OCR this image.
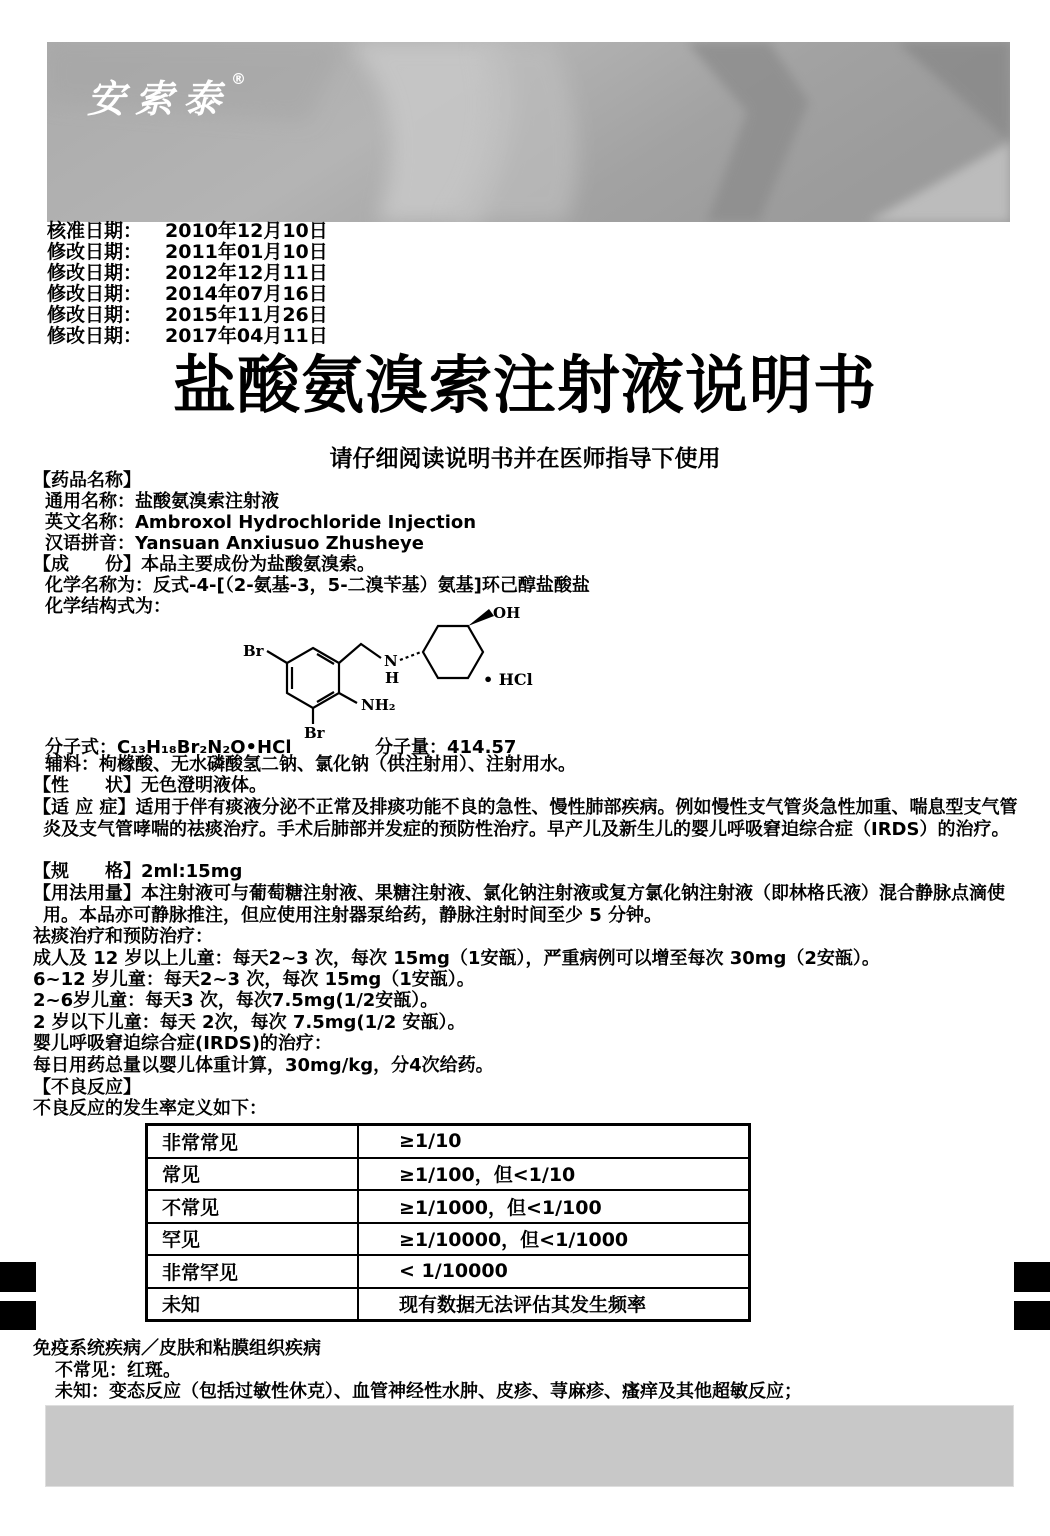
安索泰®
核准日期： 2010年12月10日
修改日期： 2011年01月10日
修改日期： 2012年12月11日
修改日期： 2014年07月16日
修改日期： 2015年11月26日
修改日期： 2017年04月11日
盐酸氨溴索注射液说明书
请仔细阅读说明书并在医师指导下使用
【药品名称】
通用名称：盐酸氨溴索注射液
英文名称：Ambroxol Hydrochloride Injection
汉语拼音：Yansuan Anxiusuo Zhusheye
【成　　份】本品主要成份为盐酸氨溴索。
化学名称为：反式-4-[（2-氨基-3，5-二溴苄基）氨基]环己醇盐酸盐
化学结构式为：
Br
Br
NH₂
N
H
OH
• HCl
分子式：C₁₃H₁₈Br₂N₂O•HCl	分子量：414.57
辅料：枸橼酸、无水磷酸氢二钠、氯化钠（供注射用）、注射用水。
【性　　状】无色澄明液体。
【适 应 症】适用于伴有痰液分泌不正常及排痰功能不良的急性、慢性肺部疾病。例如慢性支气管炎急性加重、喘息型支气管炎及支气管哮喘的祛痰治疗。手术后肺部并发症的预防性治疗。早产儿及新生儿的婴儿呼吸窘迫综合症（IRDS）的治疗。
【规　　格】2ml:15mg
【用法用量】本注射液可与葡萄糖注射液、果糖注射液、氯化钠注射液或复方氯化钠注射液（即林格氏液）混合静脉点滴使用。本品亦可静脉推注，但应使用注射器泵给药，静脉注射时间至少 5 分钟。
祛痰治疗和预防治疗：
成人及 12 岁以上儿童：每天2~3 次，每次 15mg（1安瓿），严重病例可以增至每次 30mg（2安瓿）。
6~12 岁儿童：每天2~3 次，每次 15mg（1安瓿）。
2~6岁儿童：每天3 次，每次7.5mg(1/2安瓿）。
2 岁以下儿童：每天 2次，每次 7.5mg(1/2 安瓿）。
婴儿呼吸窘迫综合症(IRDS)的治疗：
每日用药总量以婴儿体重计算，30mg/kg，分4次给药。
【不良反应】
不良反应的发生率定义如下：
非常常见	≥1/10
常见	≥1/100，但<1/10
不常见	≥1/1000，但<1/100
罕见	≥1/10000，但<1/1000
非常罕见	< 1/10000
未知	现有数据无法评估其发生频率
免疫系统疾病／皮肤和粘膜组织疾病
不常见：红斑。
未知：变态反应（包括过敏性休克）、血管神经性水肿、皮疹、荨麻疹、瘙痒及其他超敏反应；
